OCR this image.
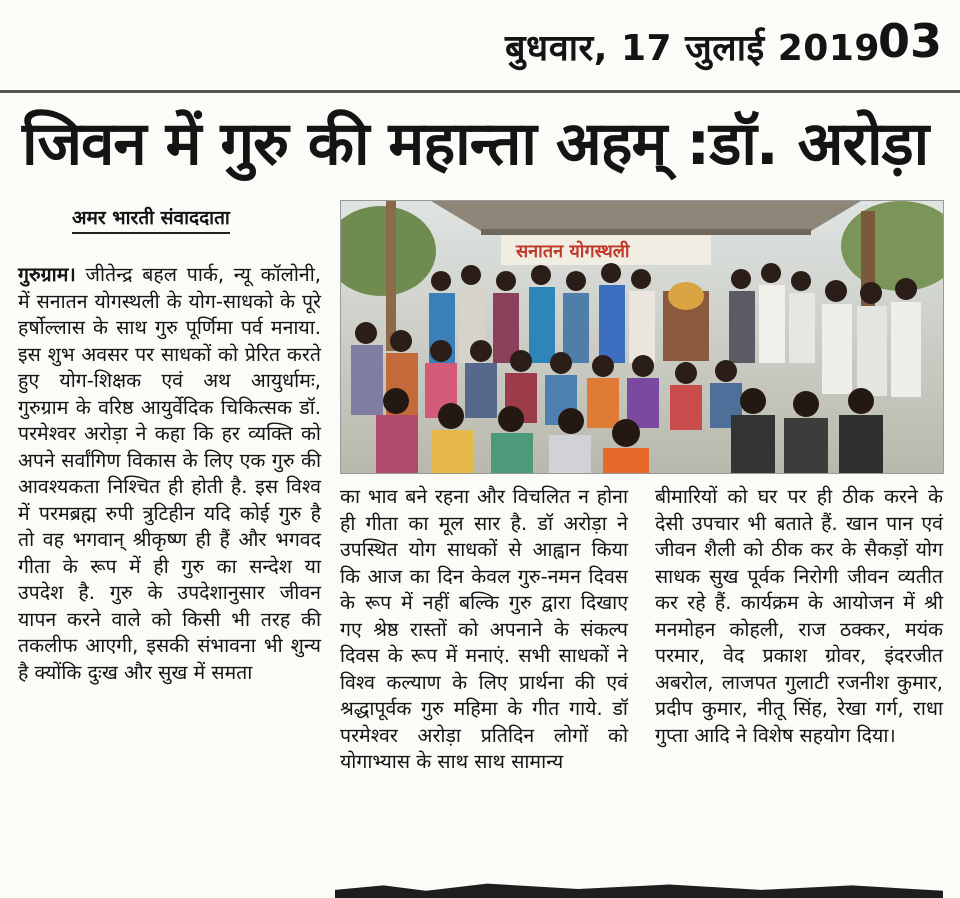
बुधवार, 17 जुलाई 2019
03
जिवन में गुरु की महान्ता अहम् :डॉ. अरोड़ा
अमर भारती संवाददाता
गुरुग्राम। जीतेन्द्र बहल पार्क, न्यू कॉलोनी, में सनातन योगस्थली के योग-साधको के पूरे हर्षोल्लास के साथ गुरु पूर्णिमा पर्व मनाया. इस शुभ अवसर पर साधकों को प्रेरित करते हुए योग-शिक्षक एवं अथ आयुर्धामः, गुरुग्राम के वरिष्ठ आयुर्वेदिक चिकित्सक डॉ. परमेश्वर अरोड़ा ने कहा कि हर व्यक्ति को अपने सर्वांगिण विकास के लिए एक गुरु की आवश्यकता निश्चित ही होती है. इस विश्व में परमब्रह्म रुपी त्रुटिहीन यदि कोई गुरु है तो वह भगवान् श्रीकृष्ण ही हैं और भगवद गीता के रूप में ही गुरु का सन्देश या उपदेश है. गुरु के उपदेशानुसार जीवन यापन करने वाले को किसी भी तरह की तकलीफ आएगी, इसकी संभावना भी शुन्य है क्योंकि दुःख और सुख में समता
सनातन योगस्थली
का भाव बने रहना और विचलित न होना ही गीता का मूल सार है. डॉ अरोड़ा ने उपस्थित योग साधकों से आह्वान किया कि आज का दिन केवल गुरु-नमन दिवस के रूप में नहीं बल्कि गुरु द्वारा दिखाए गए श्रेष्ठ रास्तों को अपनाने के संकल्प दिवस के रूप में मनाएं. सभी साधकों ने विश्व कल्याण के लिए प्रार्थना की एवं श्रद्धापूर्वक गुरु महिमा के गीत गाये. डॉ परमेश्वर अरोड़ा प्रतिदिन लोगों को योगाभ्यास के साथ साथ सामान्य
बीमारियों को घर पर ही ठीक करने के देसी उपचार भी बताते हैं. खान पान एवं जीवन शैली को ठीक कर के सैकड़ों योग साधक सुख पूर्वक निरोगी जीवन व्यतीत कर रहे हैं. कार्यक्रम के आयोजन में श्री मनमोहन कोहली, राज ठक्कर, मयंक परमार, वेद प्रकाश ग्रोवर, इंदरजीत अबरोल, लाजपत गुलाटी रजनीश कुमार, प्रदीप कुमार, नीतू सिंह, रेखा गर्ग, राधा गुप्ता आदि ने विशेष सहयोग दिया।
